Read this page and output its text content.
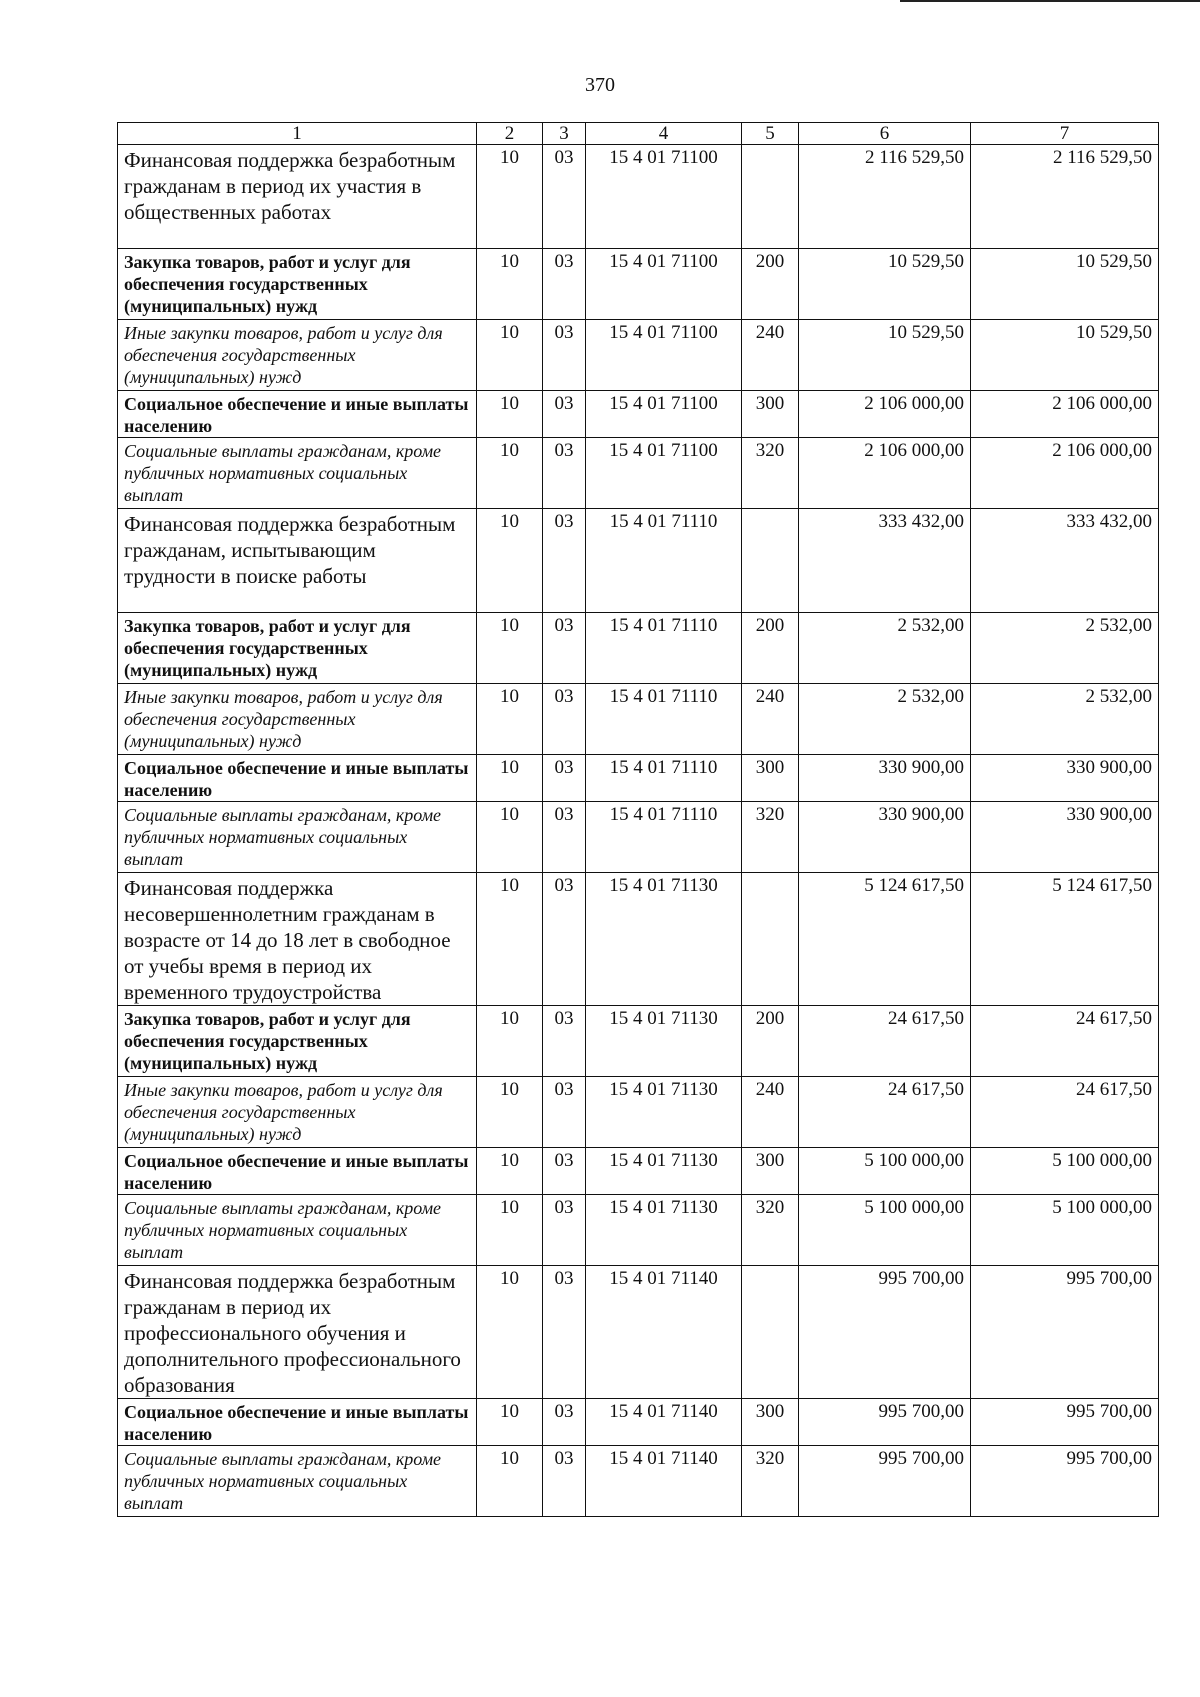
370
1	2	3	4	5	6	7
Финансовая поддержка безработным гражданам в период их участия в общественных работах	10	03	15 4 01 71100		2 116 529,50	2 116 529,50
Закупка товаров, работ и услуг для обеспечения государственных (муниципальных) нужд	10	03	15 4 01 71100	200	10 529,50	10 529,50
Иные закупки товаров, работ и услуг для обеспечения государственных (муниципальных) нужд	10	03	15 4 01 71100	240	10 529,50	10 529,50
Социальное обеспечение и иные выплаты населению	10	03	15 4 01 71100	300	2 106 000,00	2 106 000,00
Социальные выплаты гражданам, кроме публичных нормативных социальных выплат	10	03	15 4 01 71100	320	2 106 000,00	2 106 000,00
Финансовая поддержка безработным гражданам, испытывающим трудности в поиске работы	10	03	15 4 01 71110		333 432,00	333 432,00
Закупка товаров, работ и услуг для обеспечения государственных (муниципальных) нужд	10	03	15 4 01 71110	200	2 532,00	2 532,00
Иные закупки товаров, работ и услуг для обеспечения государственных (муниципальных) нужд	10	03	15 4 01 71110	240	2 532,00	2 532,00
Социальное обеспечение и иные выплаты населению	10	03	15 4 01 71110	300	330 900,00	330 900,00
Социальные выплаты гражданам, кроме публичных нормативных социальных выплат	10	03	15 4 01 71110	320	330 900,00	330 900,00
Финансовая поддержка несовершеннолетним гражданам в возрасте от 14 до 18 лет в свободное от учебы время в период их временного трудоустройства	10	03	15 4 01 71130		5 124 617,50	5 124 617,50
Закупка товаров, работ и услуг для обеспечения государственных (муниципальных) нужд	10	03	15 4 01 71130	200	24 617,50	24 617,50
Иные закупки товаров, работ и услуг для обеспечения государственных (муниципальных) нужд	10	03	15 4 01 71130	240	24 617,50	24 617,50
Социальное обеспечение и иные выплаты населению	10	03	15 4 01 71130	300	5 100 000,00	5 100 000,00
Социальные выплаты гражданам, кроме публичных нормативных социальных выплат	10	03	15 4 01 71130	320	5 100 000,00	5 100 000,00
Финансовая поддержка безработным гражданам в период их профессионального обучения и дополнительного профессионального образования	10	03	15 4 01 71140		995 700,00	995 700,00
Социальное обеспечение и иные выплаты населению	10	03	15 4 01 71140	300	995 700,00	995 700,00
Социальные выплаты гражданам, кроме публичных нормативных социальных выплат	10	03	15 4 01 71140	320	995 700,00	995 700,00
